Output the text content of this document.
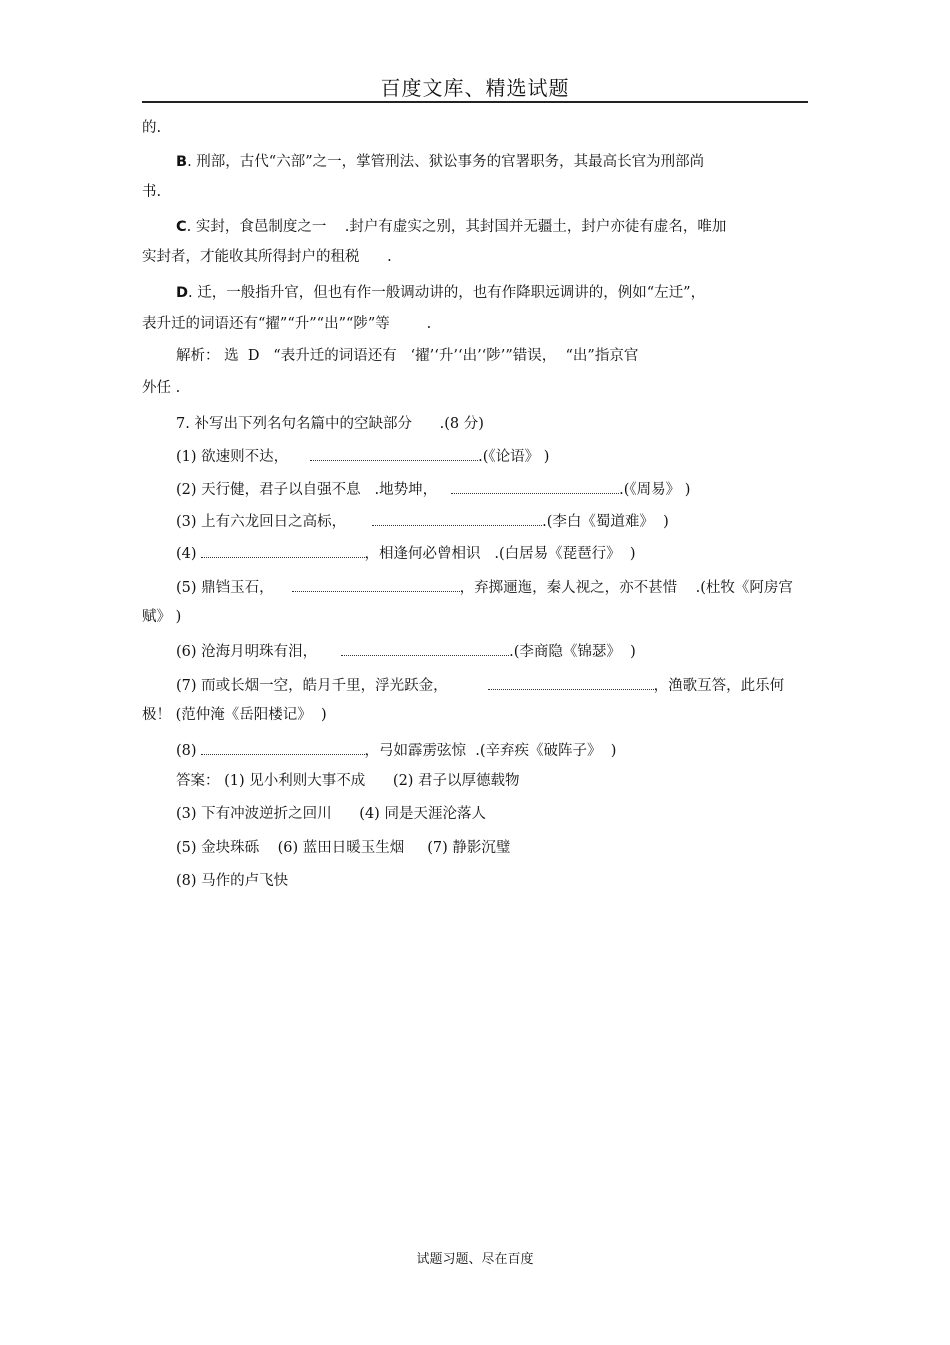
百度文库、精选试题
的.
B. 刑部，古代“六部”之一，掌管刑法、狱讼事务的官署职务，其最高长官为刑部尚
书.
C. 实封，食邑制度之一    .封户有虚实之别，其封国并无疆土，封户亦徒有虚名，唯加
实封者，才能收其所得封户的租税      .
D. 迁，一般指升官，但也有作一般调动讲的，也有作降职远调讲的，例如“左迁”，
表升迁的词语还有“擢”“升”“出”“陟”等        .
解析： 选  D   “表升迁的词语还有   ‘擢’‘升’‘出’‘陟’”错误，  “出”指京官
外任 .
7. 补写出下列名句名篇中的空缺部分      .(8 分)
(1) 欲速则不达，	.(《论语》 )
(2) 天行健，君子以自强不息   .地势坤，	.(《周易》 )
(3) 上有六龙回日之高标，	.(李白《蜀道难》  )
(4)	，相逢何必曾相识   .(白居易《琵琶行》  )
(5) 鼎铛玉石，	，弃掷逦迤，秦人视之，亦不甚惜    .(杜牧《阿房宫
赋》 )
(6) 沧海月明珠有泪，	.(李商隐《锦瑟》  )
(7) 而或长烟一空，皓月千里，浮光跃金，	，渔歌互答，此乐何
极！ (范仲淹《岳阳楼记》  )
(8)	，弓如霹雳弦惊  .(辛弃疾《破阵子》  )
答案： (1) 见小利则大事不成      (2) 君子以厚德载物
(3) 下有冲波逆折之回川      (4) 同是天涯沦落人
(5) 金块珠砾    (6) 蓝田日暖玉生烟     (7) 静影沉璧
(8) 马作的卢飞快
试题习题、尽在百度
